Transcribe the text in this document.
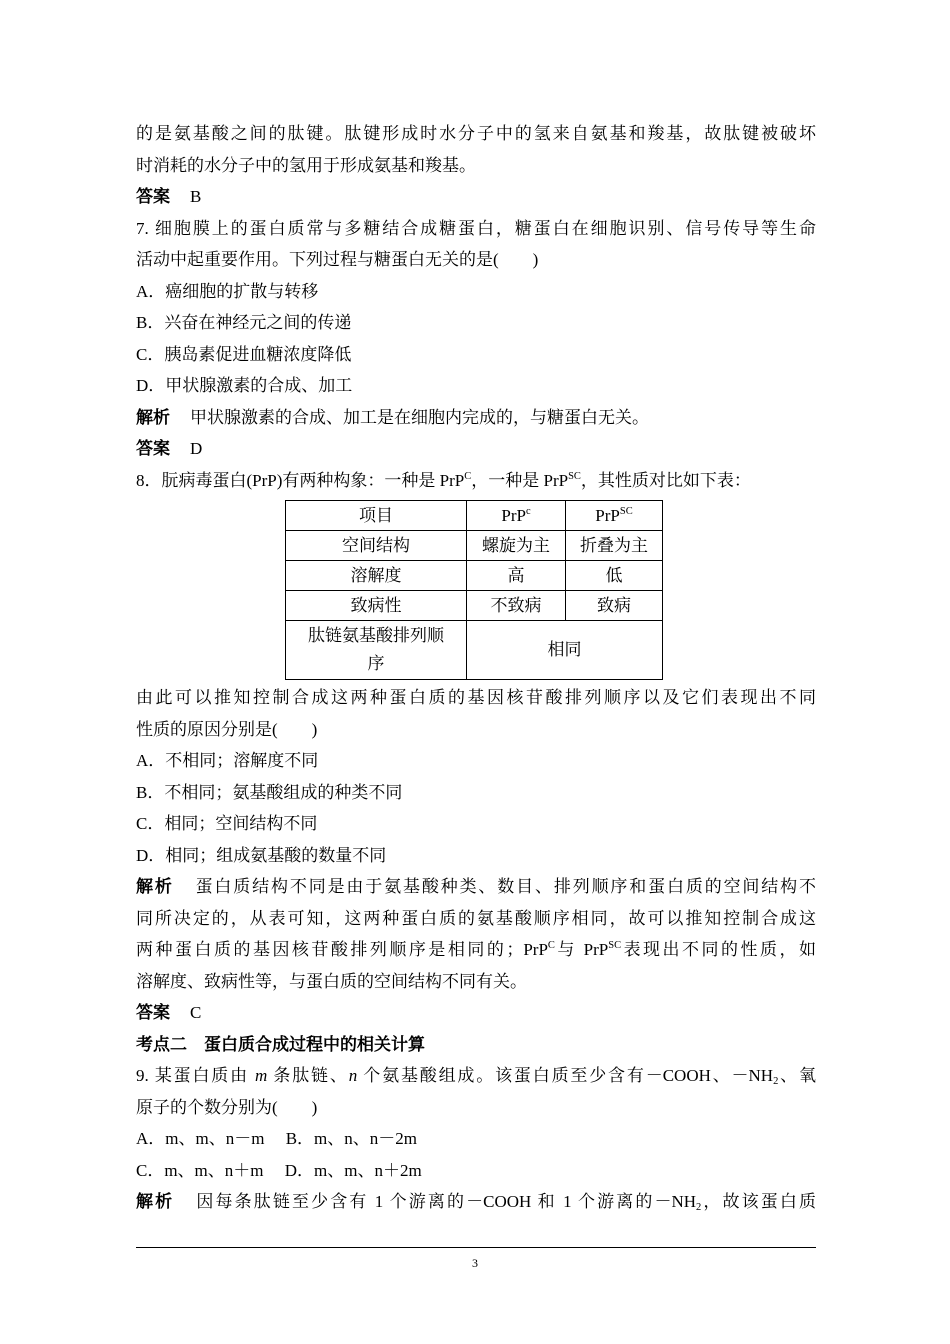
的是氨基酸之间的肽键。肽键形成时水分子中的氢来自氨基和羧基，故肽键被破坏
时消耗的水分子中的氢用于形成氨基和羧基。
答案 B
7. 细胞膜上的蛋白质常与多糖结合成糖蛋白，糖蛋白在细胞识别、信号传导等生命
活动中起重要作用。下列过程与糖蛋白无关的是(　　)
A．癌细胞的扩散与转移
B．兴奋在神经元之间的传递
C．胰岛素促进血糖浓度降低
D．甲状腺激素的合成、加工
解析 甲状腺激素的合成、加工是在细胞内完成的，与糖蛋白无关。
答案 D
8．朊病毒蛋白(PrP)有两种构象：一种是 PrP$^C$，一种是 PrP$^{SC}$，其性质对比如下表：
项目	PrP$^c$	PrP$^{SC}$
空间结构	螺旋为主	折叠为主
溶解度	高	低
致病性	不致病	致病
肽链氨基酸排列顺
序	相同	
由此可以推知控制合成这两种蛋白质的基因核苷酸排列顺序以及它们表现出不同
性质的原因分别是(　　)
A．不相同；溶解度不同
B．不相同；氨基酸组成的种类不同
C．相同；空间结构不同
D．相同；组成氨基酸的数量不同
解析 蛋白质结构不同是由于氨基酸种类、数目、排列顺序和蛋白质的空间结构不
同所决定的，从表可知，这两种蛋白质的氨基酸顺序相同，故可以推知控制合成这
两种蛋白质的基因核苷酸排列顺序是相同的；PrP$^C$与 PrP$^{SC}$表现出不同的性质，如
溶解度、致病性等，与蛋白质的空间结构不同有关。
答案 C
考点二　蛋白质合成过程中的相关计算
9. 某蛋白质由 m 条肽链、n 个氨基酸组成。该蛋白质至少含有－COOH、$-NH_2$、氧
原子的个数分别为(　　)
A．m、m、n－m　 B．m、n、n－2m
C．m、m、n＋m　 D．m、m、n＋2m
解析 因每条肽链至少含有 1 个游离的－COOH 和 1 个游离的$-NH_2$，故该蛋白质
3
